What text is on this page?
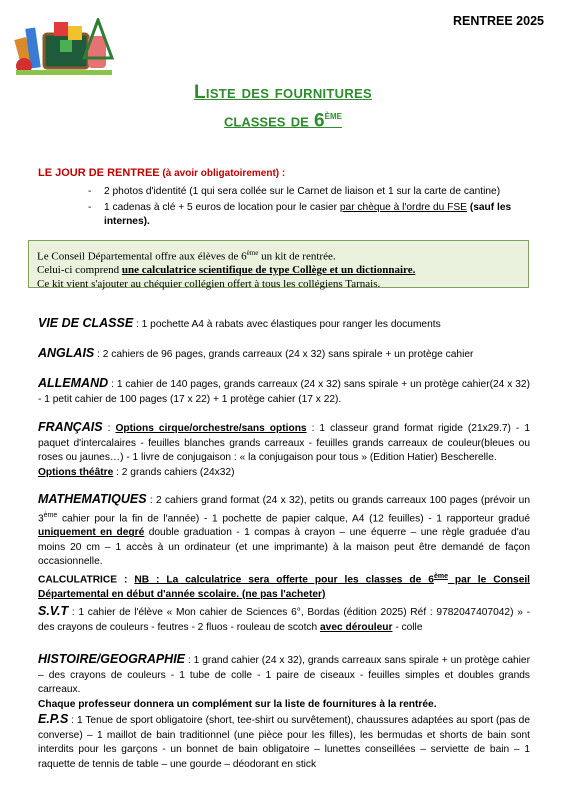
RENTREE 2025
Liste des fournitures
classes de 6ème
LE JOUR DE RENTREE (à avoir obligatoirement) :
- 2 photos d'identité (1 qui sera collée sur le Carnet de liaison et 1 sur la carte de cantine)
- 1 cadenas à clé + 5 euros de location pour le casier par chèque à l'ordre du FSE (sauf les internes).
Le Conseil Départemental offre aux élèves de 6ème un kit de rentrée.
Celui-ci comprend une calculatrice scientifique de type Collège et un dictionnaire.
Ce kit vient s'ajouter au chéquier collégien offert à tous les collégiens Tarnais.
VIE DE CLASSE : 1 pochette A4 à rabats avec élastiques pour ranger les documents
ANGLAIS : 2 cahiers de 96 pages, grands carreaux (24 x 32) sans spirale + un protège cahier
ALLEMAND : 1 cahier de 140 pages, grands carreaux (24 x 32) sans spirale + un protège cahier(24 x 32) - 1 petit cahier de 100 pages (17 x 22) + 1 protège cahier (17 x 22).
FRANÇAIS : Options cirque/orchestre/sans options : 1 classeur grand format rigide (21x29.7) - 1 paquet d'intercalaires - feuilles blanches grands carreaux - feuilles grands carreaux de couleur(bleues ou roses ou jaunes…) - 1 livre de conjugaison : « la conjugaison pour tous » (Edition Hatier) Bescherelle.
Options théâtre : 2 grands cahiers (24x32)
MATHEMATIQUES : 2 cahiers grand format (24 x 32), petits ou grands carreaux 100 pages (prévoir un 3ème cahier pour la fin de l'année) - 1 pochette de papier calque, A4 (12 feuilles) - 1 rapporteur gradué uniquement en degré double graduation - 1 compas à crayon – une équerre – une règle graduée d'au moins 20 cm – 1 accès à un ordinateur (et une imprimante) à la maison peut être demandé de façon occasionnelle.
CALCULATRICE : NB : La calculatrice sera offerte pour les classes de 6ème par le Conseil Départemental en début d'année scolaire. (ne pas l'acheter)
S.V.T : 1 cahier de l'élève « Mon cahier de Sciences 6°, Bordas (édition 2025) Réf : 9782047407042) » - des crayons de couleurs - feutres - 2 fluos - rouleau de scotch avec dérouleur - colle
HISTOIRE/GEOGRAPHIE : 1 grand cahier (24 x 32), grands carreaux sans spirale + un protège cahier – des crayons de couleurs - 1 tube de colle - 1 paire de ciseaux - feuilles simples et doubles grands carreaux.
Chaque professeur donnera un complément sur la liste de fournitures à la rentrée.
E.P.S : 1 Tenue de sport obligatoire (short, tee-shirt ou survêtement), chaussures adaptées au sport (pas de converse) – 1 maillot de bain traditionnel (une pièce pour les filles), les bermudas et shorts de bain sont interdits pour les garçons - un bonnet de bain obligatoire – lunettes conseillées – serviette de bain – 1 raquette de tennis de table – une gourde – déodorant en stick
